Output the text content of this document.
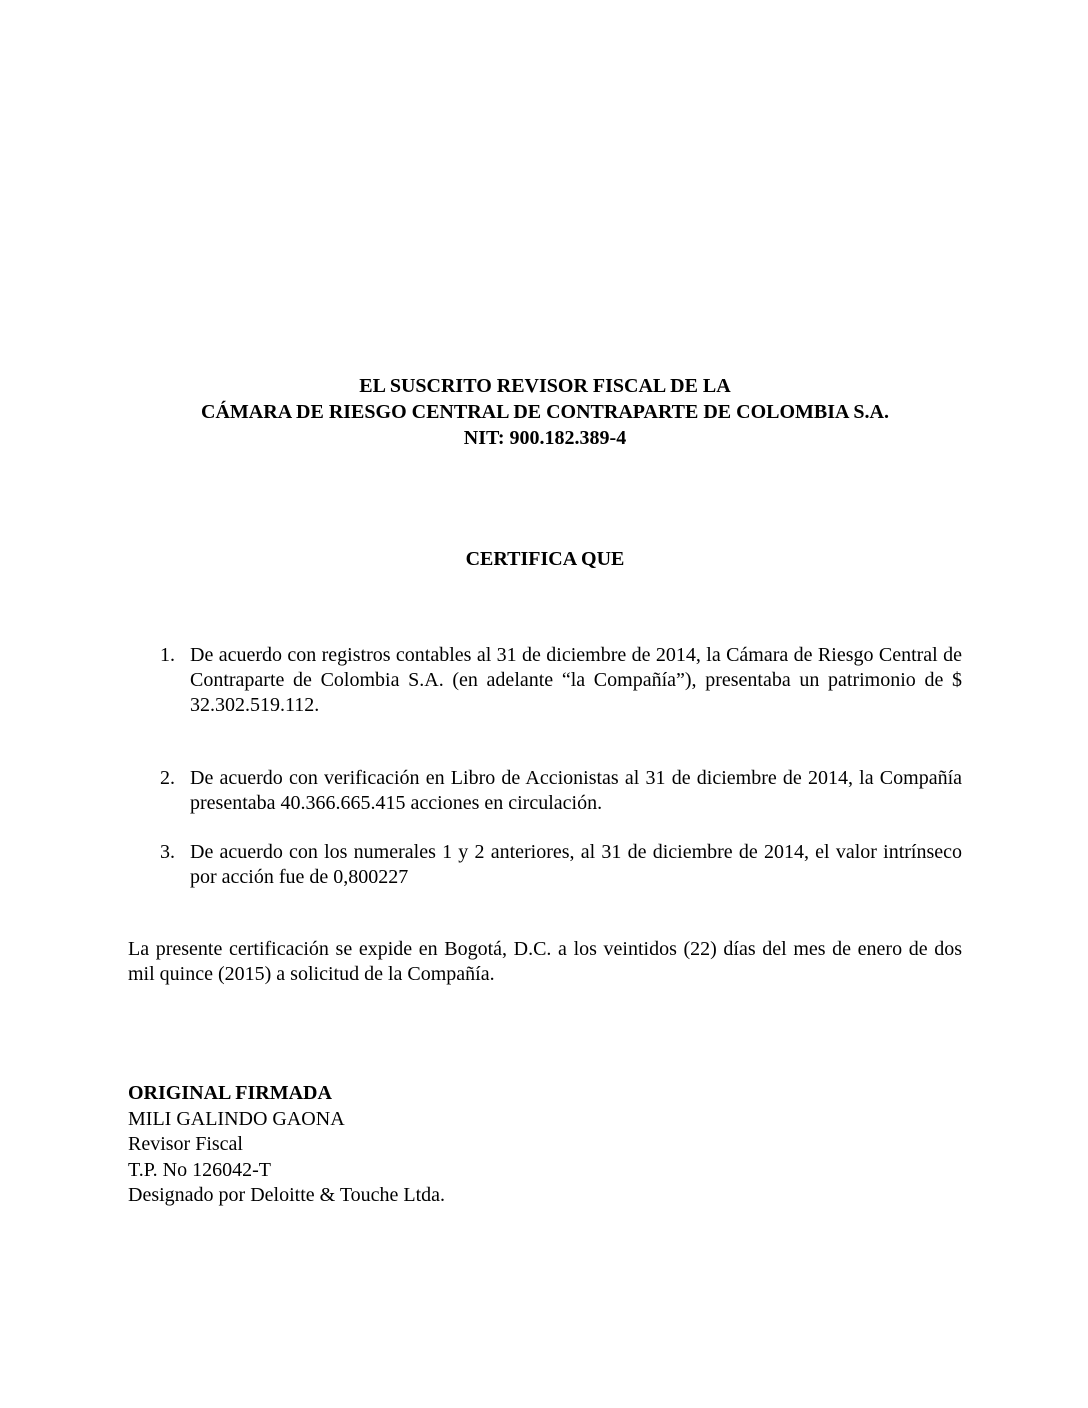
EL SUSCRITO REVISOR FISCAL DE LA
CÁMARA DE RIESGO CENTRAL DE CONTRAPARTE DE COLOMBIA S.A.
NIT: 900.182.389-4
CERTIFICA QUE
1. De acuerdo con registros contables al 31 de diciembre de 2014, la Cámara de Riesgo Central de Contraparte de Colombia S.A. (en adelante “la Compañía”), presentaba un patrimonio de $ 32.302.519.112.
2. De acuerdo con verificación en Libro de Accionistas al 31 de diciembre de 2014, la Compañía presentaba 40.366.665.415 acciones en circulación.
3. De acuerdo con los numerales 1 y 2 anteriores, al 31 de diciembre de 2014, el valor intrínseco por acción fue de 0,800227
La presente certificación se expide en Bogotá, D.C. a los veintidos (22) días del mes de enero de dos mil quince (2015) a solicitud de la Compañía.
ORIGINAL FIRMADA
MILI GALINDO GAONA
Revisor Fiscal
T.P. No 126042-T
Designado por Deloitte & Touche Ltda.
